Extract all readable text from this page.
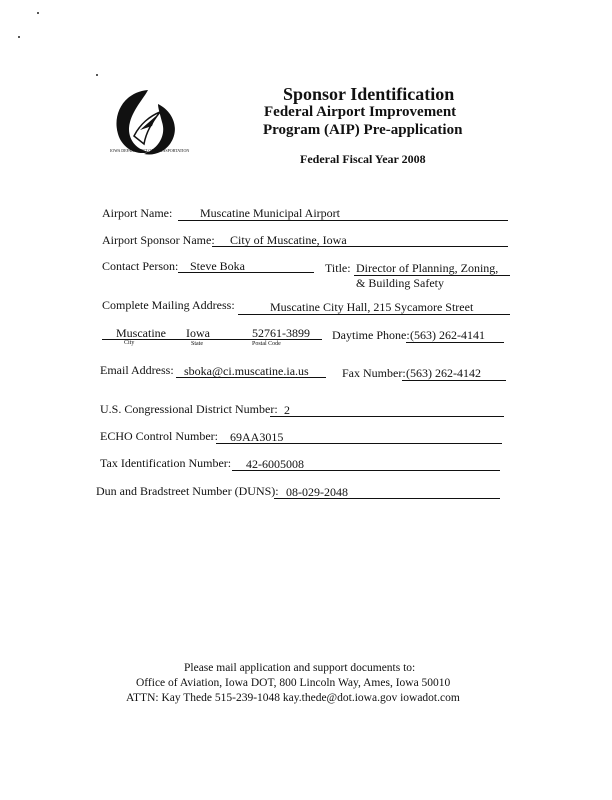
IOWA DEPARTMENT OF TRANSPORTATION
Sponsor Identification
Federal Airport Improvement
Program (AIP) Pre-application
Federal Fiscal Year 2008
Airport Name: Muscatine Municipal Airport
Airport Sponsor Name: City of Muscatine, Iowa
Contact Person: Steve Boka	Title: Director of Planning, Zoning,
& Building Safety
Complete Mailing Address:	Muscatine City Hall, 215 Sycamore Street
Muscatine Iowa	52761-3899
City	State	Postal Code
Daytime Phone: (563) 262-4141
Email Address: sboka@ci.muscatine.ia.us	Fax Number: (563) 262-4142
U.S. Congressional District Number: 2
ECHO Control Number: 69AA3015
Tax Identification Number: 42-6005008
Dun and Bradstreet Number (DUNS): 08-029-2048
Please mail application and support documents to:
Office of Aviation, Iowa DOT, 800 Lincoln Way, Ames, Iowa 50010
ATTN: Kay Thede 515-239-1048 kay.thede@dot.iowa.gov iowadot.com
